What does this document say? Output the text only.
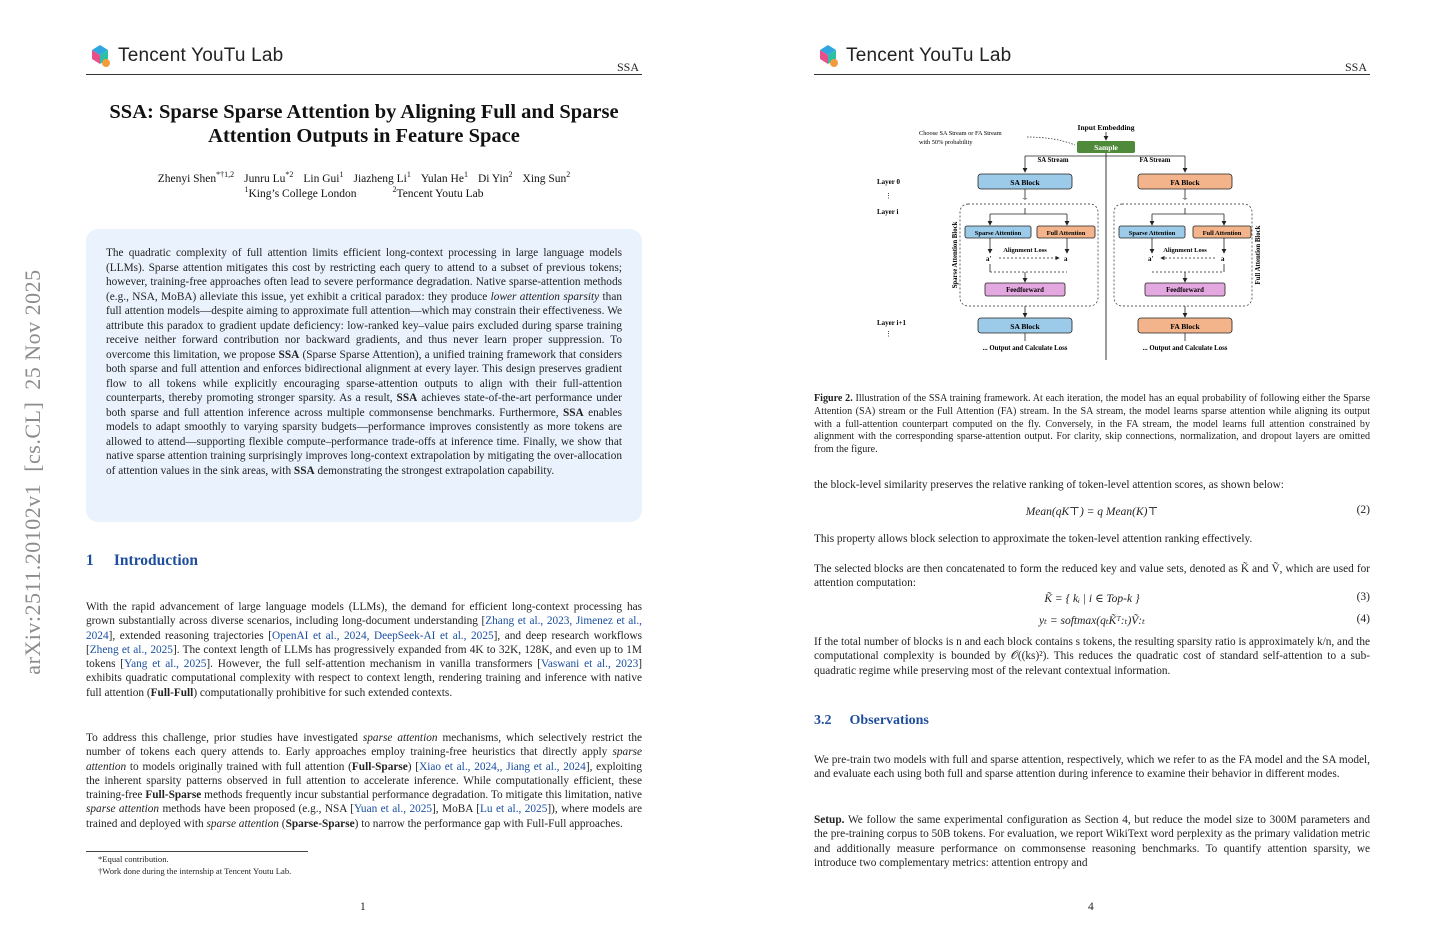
Tencent YouTu Lab
SSA
arXiv:2511.20102v1  [cs.CL]  25 Nov 2025
SSA: Sparse Sparse Attention by Aligning Full and Sparse
Attention Outputs in Feature Space
Zhenyi Shen$^{*\dagger 1,2}$ Junru Lu$^{*2}$ Lin Gui$^1$ Jiazheng Li$^1$ Yulan He$^1$ Di Yin$^2$ Xing Sun$^2$
$^1$King’s College London	$^2$Tencent Youtu Lab

The quadratic complexity of full attention limits efficient long-context processing in large language models (LLMs). Sparse attention mitigates this cost by restricting each query to attend to a subset of previous tokens; however, training-free approaches often lead to severe performance degradation. Native sparse-attention methods (e.g., NSA, MoBA) alleviate this issue, yet exhibit a critical paradox: they produce lower attention sparsity than full attention models—despite aiming to approximate full attention—which may constrain their effectiveness. We attribute this paradox to gradient update deficiency: low-ranked key–value pairs excluded during sparse training receive neither forward contribution nor backward gradients, and thus never learn proper suppression. To overcome this limitation, we propose SSA (Sparse Sparse Attention), a unified training framework that considers both sparse and full attention and enforces bidirectional alignment at every layer. This design preserves gradient flow to all tokens while explicitly encouraging sparse-attention outputs to align with their full-attention counterparts, thereby promoting stronger sparsity. As a result, SSA achieves state-of-the-art performance under both sparse and full attention inference across multiple commonsense benchmarks. Furthermore, SSA enables models to adapt smoothly to varying sparsity budgets—performance improves consistently as more tokens are allowed to attend—supporting flexible compute–performance trade-offs at inference time. Finally, we show that native sparse attention training surprisingly improves long-context extrapolation by mitigating the over-allocation of attention values in the sink areas, with SSA demonstrating the strongest extrapolation capability.

1 Introduction

With the rapid advancement of large language models (LLMs), the demand for efficient long-context processing has grown substantially across diverse scenarios, including long-document understanding [Zhang et al., 2023, Jimenez et al., 2024], extended reasoning trajectories [OpenAI et al., 2024, DeepSeek-AI et al., 2025], and deep research workflows [Zheng et al., 2025]. The context length of LLMs has progressively expanded from 4K to 32K, 128K, and even up to 1M tokens [Yang et al., 2025]. However, the full self-attention mechanism in vanilla transformers [Vaswani et al., 2023] exhibits quadratic computational complexity with respect to context length, rendering training and inference with native full attention (Full-Full) computationally prohibitive for such extended contexts.

To address this challenge, prior studies have investigated sparse attention mechanisms, which selectively restrict the number of tokens each query attends to. Early approaches employ training-free heuristics that directly apply sparse attention to models originally trained with full attention (Full-Sparse) [Xiao et al., 2024,, Jiang et al., 2024], exploiting the inherent sparsity patterns observed in full attention to accelerate inference. While computationally efficient, these training-free Full-Sparse methods frequently incur substantial performance degradation. To mitigate this limitation, native sparse attention methods have been proposed (e.g., NSA [Yuan et al., 2025], MoBA [Lu et al., 2025]), where models are trained and deployed with sparse attention (Sparse-Sparse) to narrow the performance gap with Full-Full approaches.

*Equal contribution.
†Work done during the internship at Tencent Youtu Lab.
1
Tencent YouTu Lab
SSA
Input Embedding
Sample
Choose SA Stream or FA Stream
with 50% probability
SA Stream	FA Stream
Layer 0
⋮
Layer i
Layer i+1
⋮
SA Block	FA Block
...	...
Sparse Attention	Full Attention
Alignment Loss
a'	a
Feedforward
Sparse Attention Block	Sparse Attention	Full Attention
Alignment Loss
a'	a
Feedforward
Full Attention Block
SA Block	FA Block
... Output and Calculate Loss	... Output and Calculate Loss

Figure 2. Illustration of the SSA training framework. At each iteration, the model has an equal probability of following either the Sparse Attention (SA) stream or the Full Attention (FA) stream. In the SA stream, the model learns sparse attention while aligning its output with a full-attention counterpart computed on the fly. Conversely, in the FA stream, the model learns full attention constrained by alignment with the corresponding sparse-attention output. For clarity, skip connections, normalization, and dropout layers are omitted from the figure.

the block-level similarity preserves the relative ranking of token-level attention scores, as shown below:

Mean(qK⊤) = q Mean(K)⊤	(2)

This property allows block selection to approximate the token-level attention ranking effectively.

The selected blocks are then concatenated to form the reduced key and value sets, denoted as K̃ and Ṽ, which are used for attention computation:

K̃ = { kᵢ | i ∈ Top-k }	(3)
yₜ = softmax(qₜK̃ᵀ:ₜ)Ṽ:ₜ	(4)

If the total number of blocks is n and each block contains s tokens, the resulting sparsity ratio is approximately k/n, and the computational complexity is bounded by 𝒪((ks)²). This reduces the quadratic cost of standard self-attention to a sub-quadratic regime while preserving most of the relevant contextual information.

3.2 Observations

We pre-train two models with full and sparse attention, respectively, which we refer to as the FA model and the SA model, and evaluate each using both full and sparse attention during inference to examine their behavior in different modes.

Setup. We follow the same experimental configuration as Section 4, but reduce the model size to 300M parameters and the pre-training corpus to 50B tokens. For evaluation, we report WikiText word perplexity as the primary validation metric and additionally measure performance on commonsense reasoning benchmarks. To quantify attention sparsity, we introduce two complementary metrics: attention entropy and

4
